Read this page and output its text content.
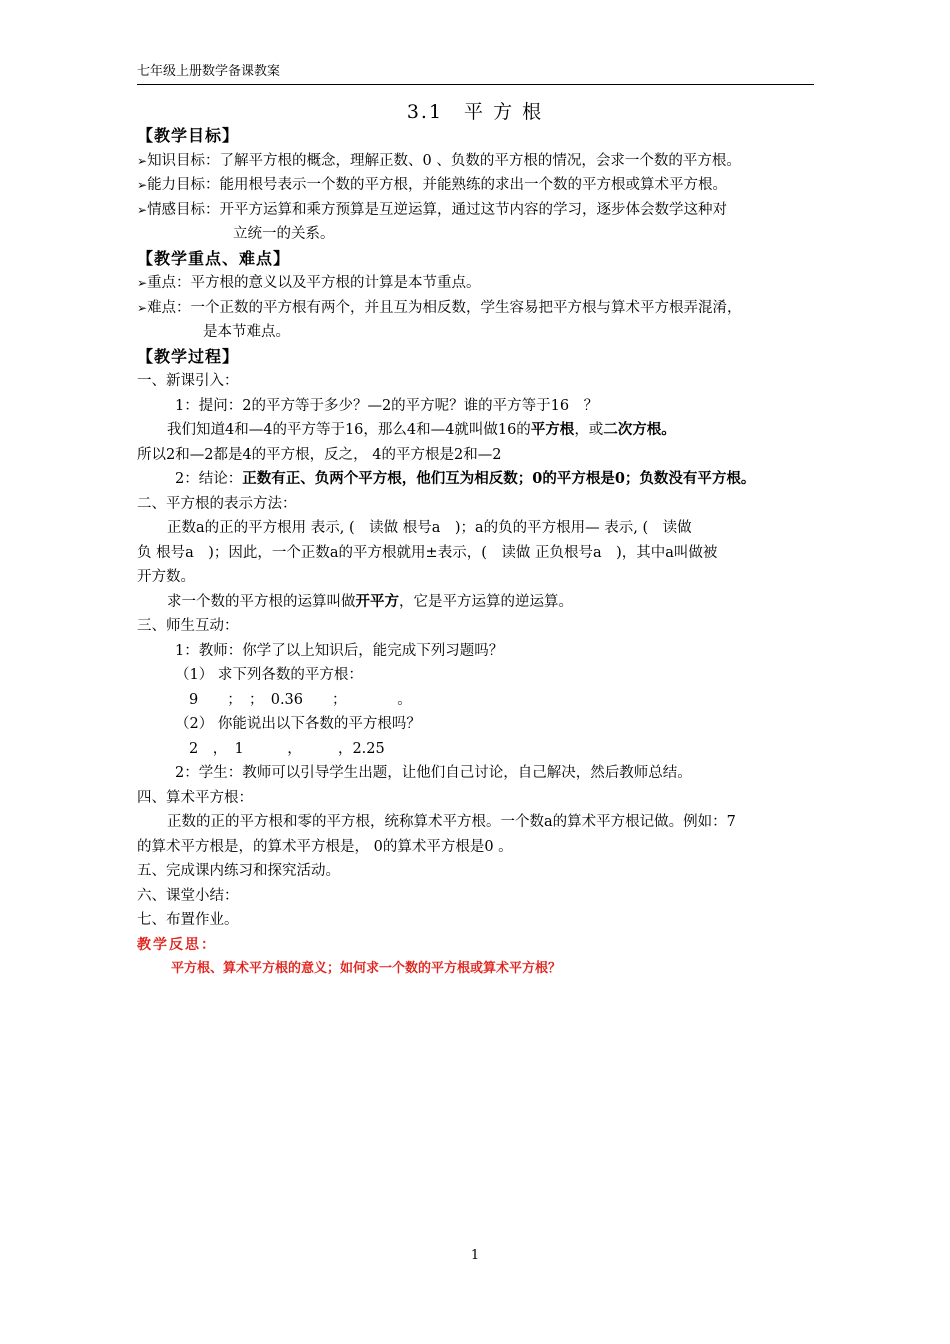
七年级上册数学备课教案
3.1　平 方 根
【教学目标】
➢知识目标：了解平方根的概念，理解正数、0 、负数的平方根的情况，会求一个数的平方根。
➢能力目标：能用根号表示一个数的平方根，并能熟练的求出一个数的平方根或算术平方根。
➢情感目标：开平方运算和乘方预算是互逆运算，通过这节内容的学习，逐步体会数学这种对
立统一的关系。
【教学重点、难点】
➢重点：平方根的意义以及平方根的计算是本节重点。
➢难点：一个正数的平方根有两个，并且互为相反数，学生容易把平方根与算术平方根弄混淆，
是本节难点。
【教学过程】
一、新课引入：
1：提问：2的平方等于多少？—2的平方呢？谁的平方等于16　？
我们知道4和—4的平方等于16，那么4和—4就叫做16的平方根，或二次方根。
所以2和—2都是4的平方根，反之， 4的平方根是2和—2
2：结论：正数有正、负两个平方根，他们互为相反数；0的平方根是0；负数没有平方根。
二、平方根的表示方法：
正数a的正的平方根用 表示, (　读做 根号a　)；a的负的平方根用— 表示, (　读做
负 根号a　)；因此，一个正数a的平方根就用±表示，(　读做 正负根号a　)，其中a叫做被
开方数。
求一个数的平方根的运算叫做开平方，它是平方运算的逆运算。
三、师生互动：
1：教师：你学了以上知识后，能完成下列习题吗？
（1） 求下列各数的平方根：
9　　；　；　0.36　　；　　　　。
（2） 你能说出以下各数的平方根吗？
2　，　1　　　，　　　，2.25
2：学生：教师可以引导学生出题，让他们自己讨论，自己解决，然后教师总结。
四、算术平方根：
正数的正的平方根和零的平方根，统称算术平方根。一个数a的算术平方根记做。例如：7
的算术平方根是，的算术平方根是， 0的算术平方根是0 。
五、完成课内练习和探究活动。
六、课堂小结：
七、布置作业。
教学反思：
平方根、算术平方根的意义；如何求一个数的平方根或算术平方根？
1
